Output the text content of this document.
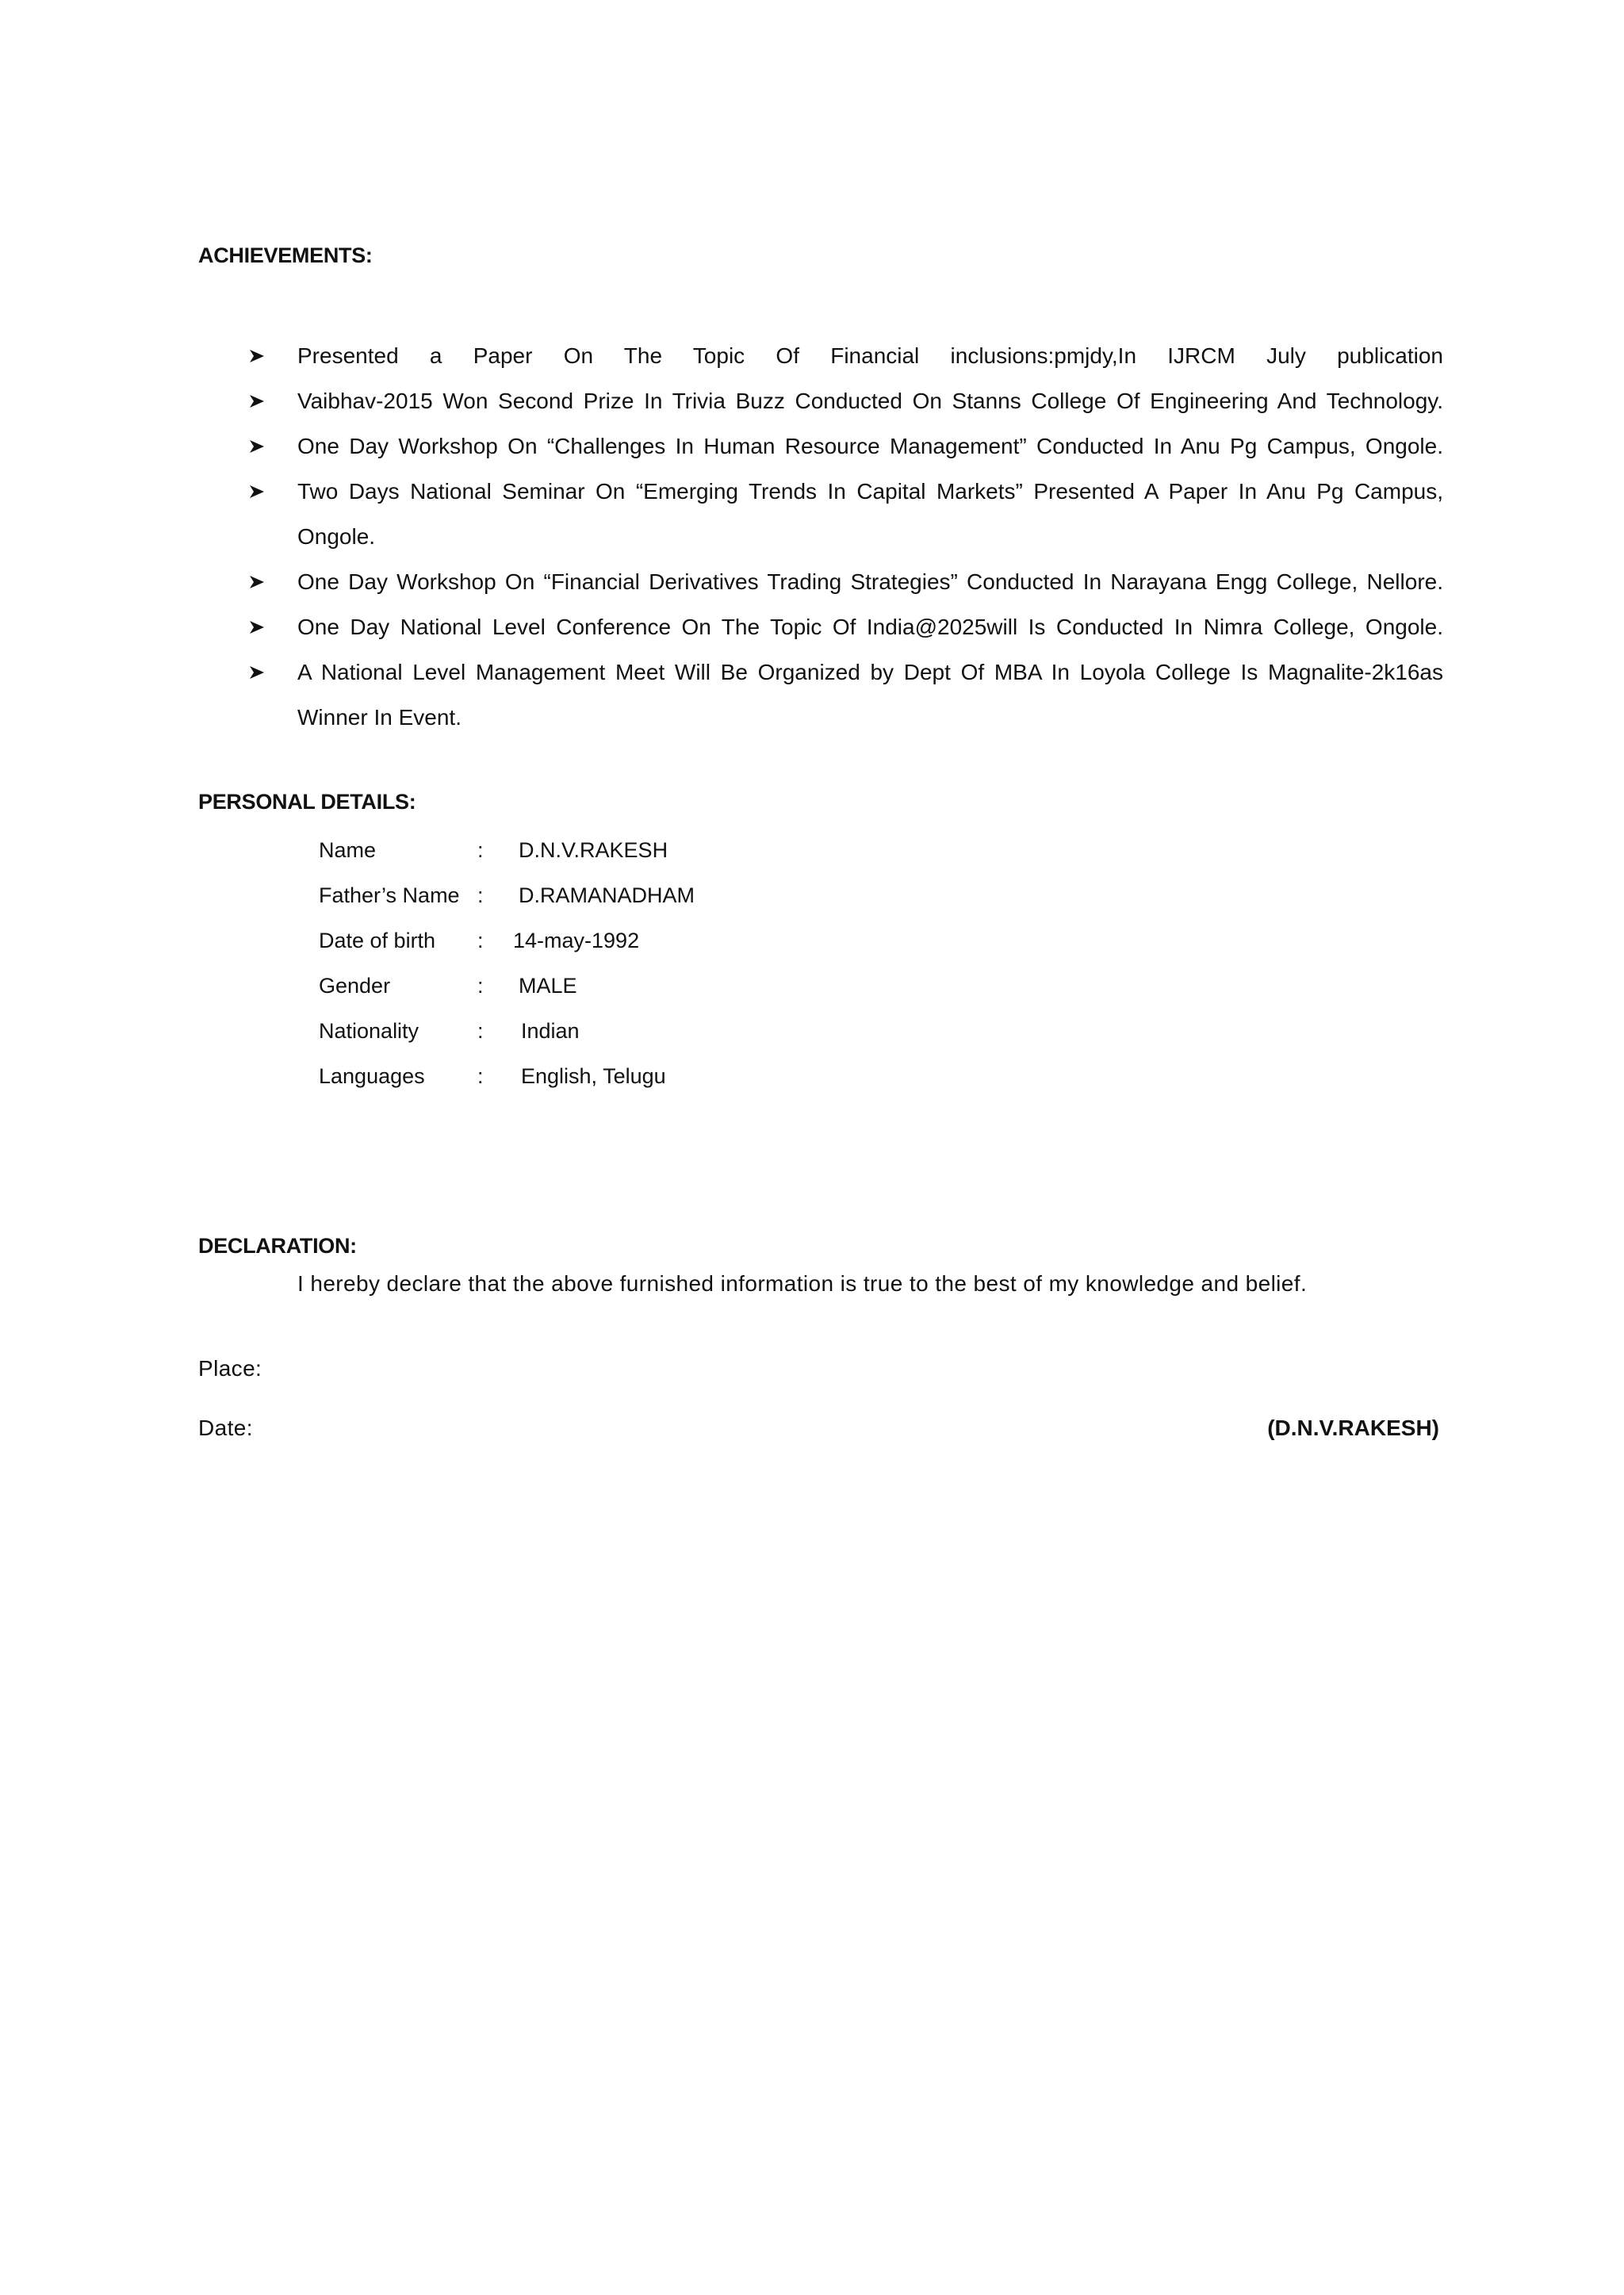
ACHIEVEMENTS:

Presented a Paper On The Topic Of Financial inclusions:pmjdy,In IJRCM July publication
Vaibhav-2015 Won Second Prize In Trivia Buzz Conducted On Stanns College Of Engineering And Technology.
One Day Workshop On “Challenges In Human Resource Management” Conducted In Anu Pg Campus, Ongole.
Two Days National Seminar On “Emerging Trends In Capital Markets” Presented A Paper In Anu Pg Campus, Ongole.
One Day Workshop On “Financial Derivatives Trading Strategies” Conducted In Narayana Engg College, Nellore.
One Day National Level Conference On The Topic Of India@2025will Is Conducted In Nimra College, Ongole.
A National Level Management Meet Will Be Organized by Dept Of MBA In Loyola College Is Magnalite-2k16as Winner In Event.

PERSONAL DETAILS:

Name	: D.N.V.RAKESH
Father’s Name : D.RAMANADHAM
Date of birth : 14-may-1992
Gender	: MALE
Nationality	: Indian
Languages : English, Telugu

DECLARATION:

I hereby declare that the above furnished information is true to the best of my knowledge and belief.

Place:

Date:	(D.N.V.RAKESH)
